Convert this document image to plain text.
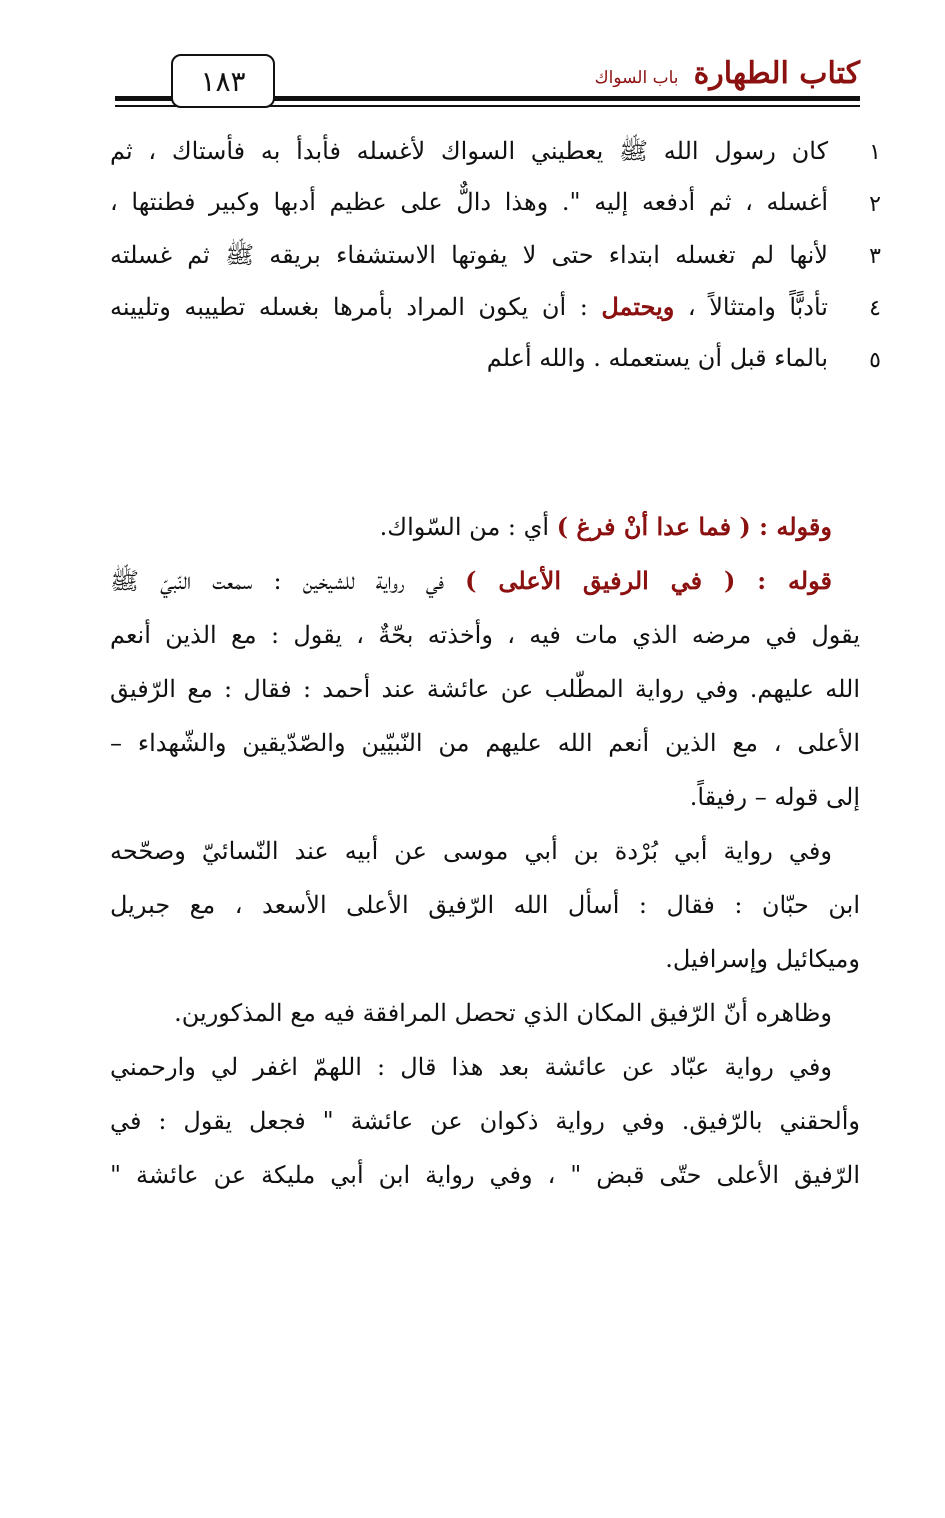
١٨٣	كتاب الطهارة باب السواك
١
كان رسول الله ﷺ يعطيني السواك لأغسله فأبدأ به فأستاك ، ثم
٢
أغسله ، ثم أدفعه إليه ". وهذا دالٌّ على عظيم أدبها وكبير فطنتها ،
٣
لأنها لم تغسله ابتداء حتى لا يفوتها الاستشفاء بريقه ﷺ ثم غسلته
٤
تأدبًّاً وامتثالاً ، ويحتمل : أن يكون المراد بأمرها بغسله تطييبه وتليينه
٥
بالماء قبل أن يستعمله . والله أعلم
وقوله : ( فما عدا أنْ فرغ ) أي : من السّواك.
قوله : ( في الرفيق الأعلى ) في رواية للشيخين : سمعت النّبيّ ﷺ
يقول في مرضه الذي مات فيه ، وأخذته بحّةٌ ، يقول : مع الذين أنعم
الله عليهم. وفي رواية المطّلب عن عائشة عند أحمد : فقال : مع الرّفيق
الأعلى ، مع الذين أنعم الله عليهم من النّبيّين والصّدّيقين والشّهداء –
إلى قوله – رفيقاً.
وفي رواية أبي بُرْدة بن أبي موسى عن أبيه عند النّسائيّ وصحّحه
ابن حبّان : فقال : أسأل الله الرّفيق الأعلى الأسعد ، مع جبريل
وميكائيل وإسرافيل.
وظاهره أنّ الرّفيق المكان الذي تحصل المرافقة فيه مع المذكورين.
وفي رواية عبّاد عن عائشة بعد هذا قال : اللهمّ اغفر لي وارحمني
وألحقني بالرّفيق. وفي رواية ذكوان عن عائشة " فجعل يقول : في
الرّفيق الأعلى حتّى قبض " ، وفي رواية ابن أبي مليكة عن عائشة "
